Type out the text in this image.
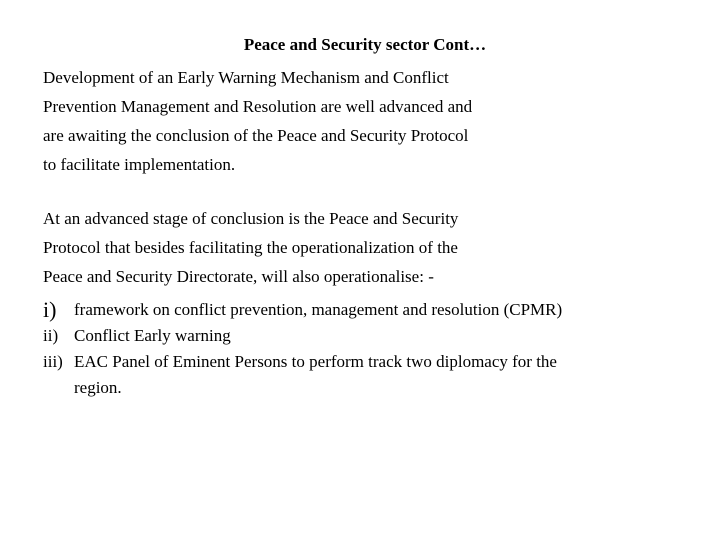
Peace and Security sector Cont…

Development of an Early Warning Mechanism and Conflict
Prevention Management and Resolution are well advanced and
are awaiting the conclusion of the Peace and Security Protocol
to facilitate implementation.

At an advanced stage of conclusion is the Peace and Security
Protocol that besides facilitating the operationalization of the
Peace and Security Directorate, will also operationalise: -

i) framework on conflict prevention, management and resolution (CPMR)
ii) Conflict Early warning
iii) EAC Panel of Eminent Persons to perform track two diplomacy for the
region.
